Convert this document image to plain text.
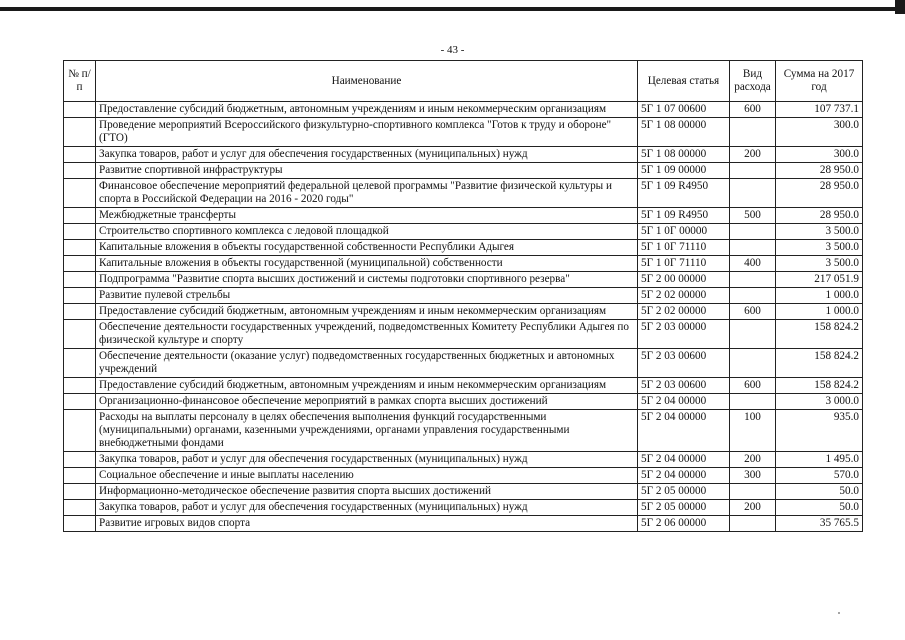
- 43 -
№ п/п	Наименование	Целевая статья	Вид расхода	Сумма на 2017 год
	Предоставление субсидий бюджетным, автономным учреждениям и иным некоммерческим организациям	5Г 1 07 00600	600	107 737.1
	Проведение мероприятий Всероссийского физкультурно-спортивного комплекса "Готов к труду и обороне" (ГТО)	5Г 1 08 00000		300.0
	Закупка товаров, работ и услуг для обеспечения государственных (муниципальных) нужд	5Г 1 08 00000	200	300.0
	Развитие спортивной инфраструктуры	5Г 1 09 00000		28 950.0
	Финансовое обеспечение мероприятий федеральной целевой программы "Развитие физической культуры и спорта в Российской Федерации на 2016 - 2020 годы"	5Г 1 09 R4950		28 950.0
	Межбюджетные трансферты	5Г 1 09 R4950	500	28 950.0
	Строительство спортивного комплекса с ледовой площадкой	5Г 1 0Г 00000		3 500.0
	Капитальные вложения в объекты государственной собственности Республики Адыгея	5Г 1 0Г 71110		3 500.0
	Капитальные вложения в объекты государственной (муниципальной) собственности	5Г 1 0Г 71110	400	3 500.0
	Подпрограмма "Развитие спорта высших достижений и системы подготовки спортивного резерва"	5Г 2 00 00000		217 051.9
	Развитие пулевой стрельбы	5Г 2 02 00000		1 000.0
	Предоставление субсидий бюджетным, автономным учреждениям и иным некоммерческим организациям	5Г 2 02 00000	600	1 000.0
	Обеспечение деятельности государственных учреждений, подведомственных Комитету Республики Адыгея по физической культуре и спорту	5Г 2 03 00000		158 824.2
	Обеспечение деятельности (оказание услуг) подведомственных государственных бюджетных и автономных учреждений	5Г 2 03 00600		158 824.2
	Предоставление субсидий бюджетным, автономным учреждениям и иным некоммерческим организациям	5Г 2 03 00600	600	158 824.2
	Организационно-финансовое обеспечение мероприятий в рамках спорта высших достижений	5Г 2 04 00000		3 000.0
	Расходы на выплаты персоналу в целях обеспечения выполнения функций государственными (муниципальными) органами, казенными учреждениями, органами управления государственными внебюджетными фондами	5Г 2 04 00000	100	935.0
	Закупка товаров, работ и услуг для обеспечения государственных (муниципальных) нужд	5Г 2 04 00000	200	1 495.0
	Социальное обеспечение и иные выплаты населению	5Г 2 04 00000	300	570.0
	Информационно-методическое обеспечение развития спорта высших достижений	5Г 2 05 00000		50.0
	Закупка товаров, работ и услуг для обеспечения государственных (муниципальных) нужд	5Г 2 05 00000	200	50.0
	Развитие игровых видов спорта	5Г 2 06 00000		35 765.5
